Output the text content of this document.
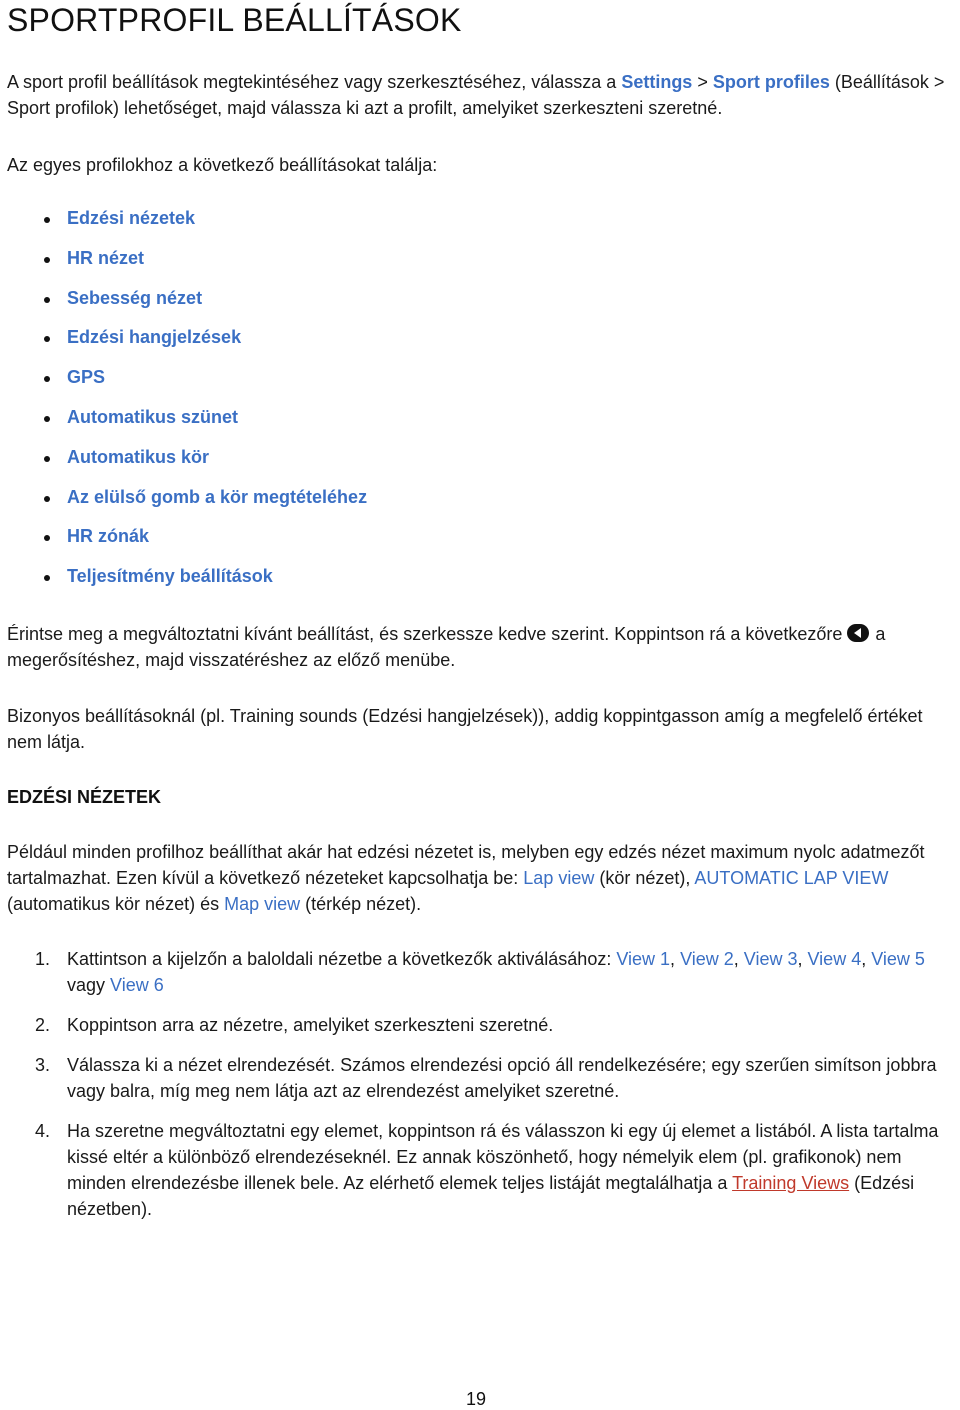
SPORTPROFIL BEÁLLÍTÁSOK
A sport profil beállítások megtekintéséhez vagy szerkesztéséhez, válassza a Settings > Sport profiles (Beállítások > Sport profilok) lehetőséget, majd válassza ki azt a profilt, amelyiket szerkeszteni szeretné.
Az egyes profilokhoz a következő beállításokat találja:
Edzési nézetek
HR nézet
Sebesség nézet
Edzési hangjelzések
GPS
Automatikus szünet
Automatikus kör
Az elülső gomb a kör megtételéhez
HR zónák
Teljesítmény beállítások
Érintse meg a megváltoztatni kívánt beállítást, és szerkessze kedve szerint. Koppintson rá a következőre a megerősítéshez, majd visszatéréshez az előző menübe.
Bizonyos beállításoknál (pl. Training sounds (Edzési hangjelzések)), addig koppintgasson amíg a megfelelő értéket nem látja.
EDZÉSI NÉZETEK
Például minden profilhoz beállíthat akár hat edzési nézetet is, melyben egy edzés nézet maximum nyolc adatmezőt tartalmazhat. Ezen kívül a következő nézeteket kapcsolhatja be: Lap view (kör nézet), AUTOMATIC LAP VIEW (automatikus kör nézet) és Map view (térkép nézet).
1. Kattintson a kijelzőn a baloldali nézetbe a következők aktiválásához: View 1, View 2, View 3, View 4, View 5 vagy View 6
2. Koppintson arra az nézetre, amelyiket szerkeszteni szeretné.
3. Válassza ki a nézet elrendezését. Számos elrendezési opció áll rendelkezésére; egy szerűen simítson jobbra vagy balra, míg meg nem látja azt az elrendezést amelyiket szeretné.
4. Ha szeretne megváltoztatni egy elemet, koppintson rá és válasszon ki egy új elemet a listából. A lista tartalma kissé eltér a különböző elrendezéseknél. Ez annak köszönhető, hogy némelyik elem (pl. grafikonok) nem minden elrendezésbe illenek bele. Az elérhető elemek teljes listáját megtalálhatja a Training Views (Edzési nézetben).
19
